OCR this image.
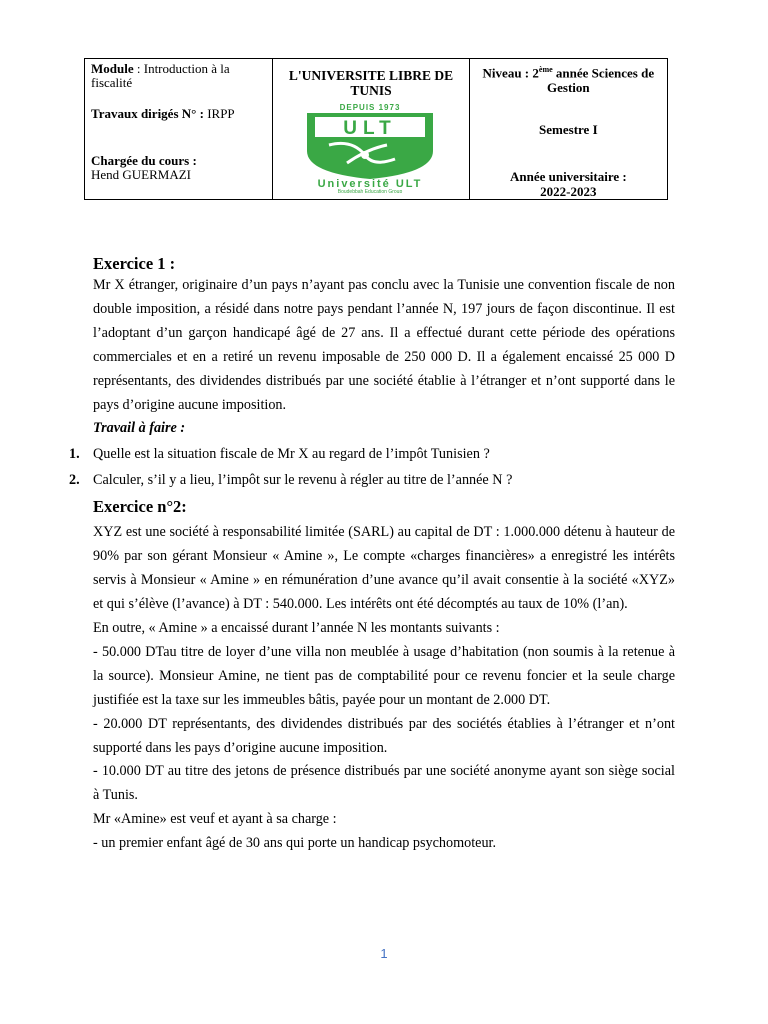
Module : Introduction à la fiscalité
Travaux dirigés N° : IRPP
Chargée du cours :
Hend GUERMAZI
L'UNIVERSITE LIBRE DE TUNIS
DEPUIS 1973
ULT
Université ULT
Boudebbah Education Group
Niveau : 2ème année Sciences de Gestion
Semestre I
Année universitaire :
2022-2023
Exercice 1 :

Mr X étranger, originaire d’un pays n’ayant pas conclu avec la Tunisie une convention fiscale de non double imposition, a résidé dans notre pays pendant l’année N, 197 jours de façon discontinue. Il est l’adoptant d’un garçon handicapé âgé de 27 ans. Il a effectué durant cette période des opérations commerciales et en a retiré un revenu imposable de 250 000 D. Il a également encaissé 25 000 D représentants, des dividendes distribués par une société établie à l’étranger et n’ont supporté dans le pays d’origine aucune imposition.

Travail à faire :

1. Quelle est la situation fiscale de Mr X au regard de l’impôt Tunisien ?
2. Calculer, s’il y a lieu, l’impôt sur le revenu à régler au titre de l’année N ?
Exercice n°2:

XYZ est une société à responsabilité limitée (SARL) au capital de DT : 1.000.000 détenu à hauteur de 90% par son gérant Monsieur « Amine », Le compte «charges financières» a enregistré les intérêts servis à Monsieur « Amine » en rémunération d’une avance qu’il avait consentie à la société «XYZ» et qui s’élève (l’avance) à DT : 540.000. Les intérêts ont été décomptés au taux de 10% (l’an).

En outre, « Amine » a encaissé durant l’année N les montants suivants :

- 50.000 DTau titre de loyer d’une villa non meublée à usage d’habitation (non soumis à la retenue à la source). Monsieur Amine, ne tient pas de comptabilité pour ce revenu foncier et la seule charge justifiée est la taxe sur les immeubles bâtis, payée pour un montant de 2.000 DT.

- 20.000 DT représentants, des dividendes distribués par des sociétés établies à l’étranger et n’ont supporté dans les pays d’origine aucune imposition.

- 10.000 DT au titre des jetons de présence distribués par une société anonyme ayant son siège social à Tunis.

Mr «Amine» est veuf et ayant à sa charge :

- un premier enfant âgé de 30 ans qui porte un handicap psychomoteur.

1
